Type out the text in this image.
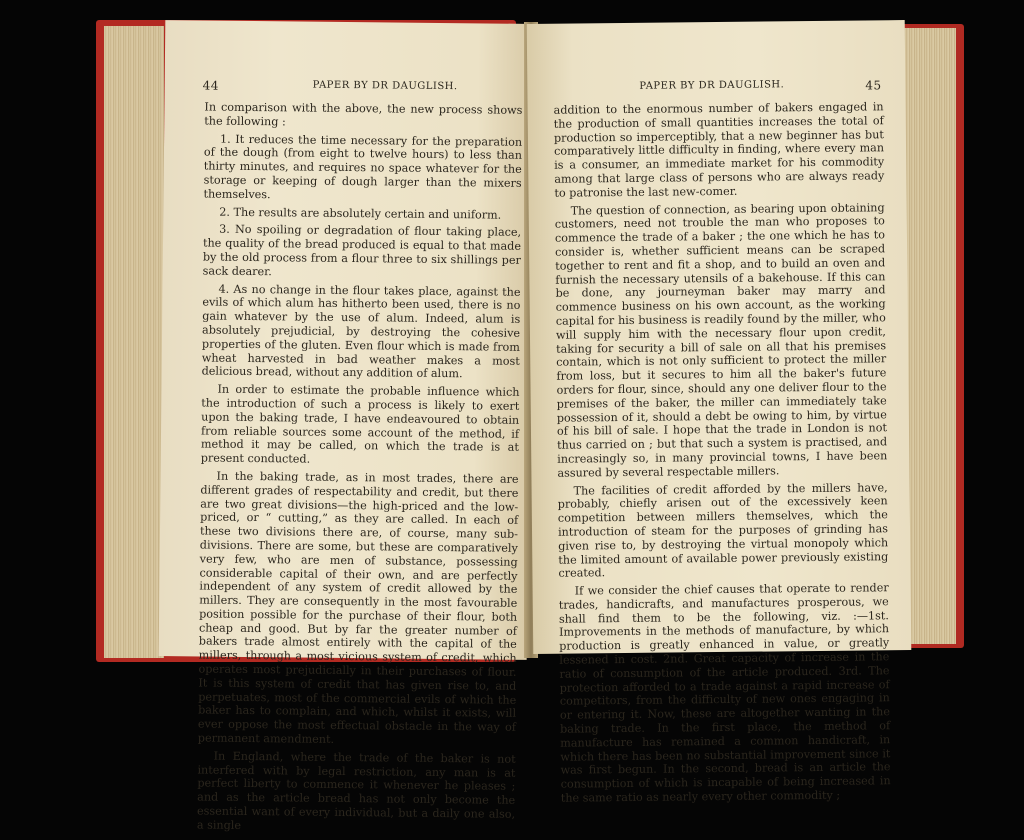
44	PAPER BY DR DAUGLISH.

In comparison with the above, the new process shows the following :

1. It reduces the time necessary for the preparation of the dough (from eight to twelve hours) to less than thirty minutes, and requires no space whatever for the storage or keeping of dough larger than the mixers themselves.

2. The results are absolutely certain and uniform.

3. No spoiling or degradation of flour taking place, the quality of the bread produced is equal to that made by the old process from a flour three to six shillings per sack dearer.

4. As no change in the flour takes place, against the evils of which alum has hitherto been used, there is no gain whatever by the use of alum. Indeed, alum is absolutely prejudicial, by destroying the cohesive properties of the gluten. Even flour which is made from wheat harvested in bad weather makes a most delicious bread, without any addition of alum.

In order to estimate the probable influence which the introduction of such a process is likely to exert upon the baking trade, I have endeavoured to obtain from reliable sources some account of the method, if method it may be called, on which the trade is at present conducted.

In the baking trade, as in most trades, there are different grades of respectability and credit, but there are two great divisions—the high-priced and the low-priced, or “ cutting,” as they are called. In each of these two divisions there are, of course, many sub-divisions. There are some, but these are comparatively very few, who are men of substance, possessing considerable capital of their own, and are perfectly independent of any system of credit allowed by the millers. They are consequently in the most favourable position possible for the purchase of their flour, both cheap and good. But by far the greater number of bakers trade almost entirely with the capital of the millers, through a most vicious system of credit, which operates most prejudicially in their purchases of flour. It is this system of credit that has given rise to, and perpetuates, most of the commercial evils of which the baker has to complain, and which, whilst it exists, will ever oppose the most effectual obstacle in the way of permanent amendment.

In England, where the trade of the baker is not interfered with by legal restriction, any man is at perfect liberty to commence it whenever he pleases ; and as the article bread has not only become the essential want of every individual, but a daily one also, a single

PAPER BY DR DAUGLISH.	45

addition to the enormous number of bakers engaged in the production of small quantities increases the total of production so imperceptibly, that a new beginner has but comparatively little difficulty in finding, where every man is a consumer, an immediate market for his commodity among that large class of persons who are always ready to patronise the last new-comer.

The question of connection, as bearing upon obtaining customers, need not trouble the man who proposes to commence the trade of a baker ; the one which he has to consider is, whether sufficient means can be scraped together to rent and fit a shop, and to build an oven and furnish the necessary utensils of a bakehouse. If this can be done, any journeyman baker may marry and commence business on his own account, as the working capital for his business is readily found by the miller, who will supply him with the necessary flour upon credit, taking for security a bill of sale on all that his premises contain, which is not only sufficient to protect the miller from loss, but it secures to him all the baker's future orders for flour, since, should any one deliver flour to the premises of the baker, the miller can immediately take possession of it, should a debt be owing to him, by virtue of his bill of sale. I hope that the trade in London is not thus carried on ; but that such a system is practised, and increasingly so, in many provincial towns, I have been assured by several respectable millers.

The facilities of credit afforded by the millers have, probably, chiefly arisen out of the excessively keen competition between millers themselves, which the introduction of steam for the purposes of grinding has given rise to, by destroying the virtual monopoly which the limited amount of available power previously existing created.

If we consider the chief causes that operate to render trades, handicrafts, and manufactures prosperous, we shall find them to be the following, viz. :—1st. Improvements in the methods of manufacture, by which production is greatly enhanced in value, or greatly lessened in cost. 2nd. Great capacity of increase in the ratio of consumption of the article produced. 3rd. The protection afforded to a trade against a rapid increase of competitors, from the difficulty of new ones engaging in or entering it. Now, these are altogether wanting in the baking trade. In the first place, the method of manufacture has remained a common handicraft, in which there has been no substantial improvement since it was first begun. In the second, bread is an article the consumption of which is incapable of being increased in the same ratio as nearly every other commodity ;
